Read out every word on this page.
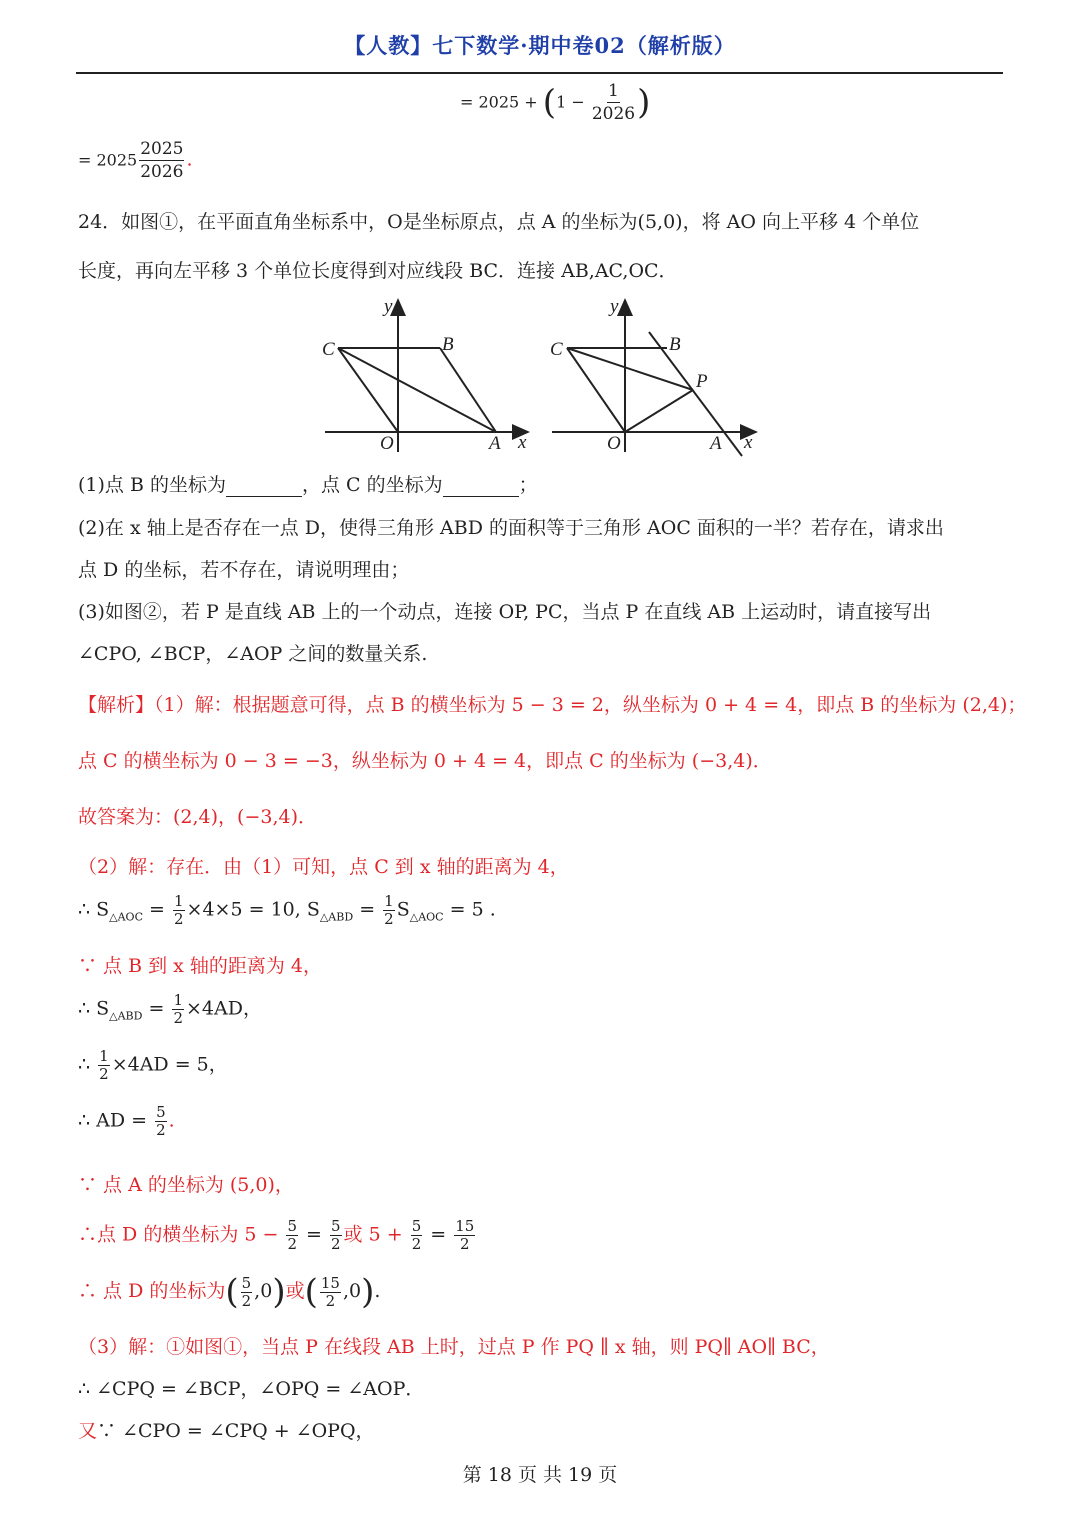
【人教】七下数学·期中卷02（解析版）
= $2025 + (1 - \frac{1}{2026}$ )
= $2025 \frac{2025}{2026}$ .
24．如图①，在平面直角坐标系中，O是坐标原点，点 A 的坐标为(5,0)，将 AO 向上平移 4 个单位
长度，再向左平移 3 个单位长度得到对应线段 BC．连接 AB,AC,OC．
y
x
O	A
B
C
y
x
O	A
B
P
C
(1)点 B 的坐标为	，点 C 的坐标为	；
(2)在 x 轴上是否存在一点 D，使得三角形 ABD 的面积等于三角形 AOC 面积的一半？若存在，请求出
点 D 的坐标，若不存在，请说明理由；
(3)如图②，若 P 是直线 AB 上的一个动点，连接 OP, PC，当点 P 在直线 AB 上运动时，请直接写出
∠CPO, ∠BCP，∠AOP 之间的数量关系.
【解析】（1）解：根据题意可得，点 B 的横坐标为 5 − 3 = 2，纵坐标为 0 + 4 = 4，即点 B 的坐标为 (2,4)；
点 C 的横坐标为 0 − 3 = −3，纵坐标为 0 + 4 = 4，即点 C 的坐标为 (−3,4)．
故答案为：(2,4)，(−3,4)．
（2）解：存在．由（1）可知，点 C 到 x 轴的距离为 4，
∴ $S_{\triangle AOC} = \frac{1}{2} \times 4\times 5 = 10$, $S_{\triangle ABD} = \frac{1}{2} S_{\triangle AOC} = 5$ .
∵ 点 B 到 x 轴的距离为 4，
∴ $S_{\triangle ABD} = \frac{1}{2} \times 4AD$，
∴ $\frac{1}{2} \times 4AD = 5$，
∴ AD = $\frac{5}{2}$ .
∵ 点 A 的坐标为 (5,0)，
∴点 D 的横坐标为 $5 - \frac{5}{2} = \frac{5}{2}$ 或 $5 + \frac{5}{2} = \frac{15}{2}$
∴ 点 D 的坐标为( $\frac{5}{2} ,0$)或( $\frac{15}{2} ,0$).
（3）解：①如图①，当点 P 在线段 AB 上时，过点 P 作 PQ ∥ x 轴，则 PQ∥ AO∥ BC，
∴ ∠CPQ = ∠BCP，∠OPQ = ∠AOP．
又∵ ∠CPO = ∠CPQ + ∠OPQ，
第 18 页 共 19 页
